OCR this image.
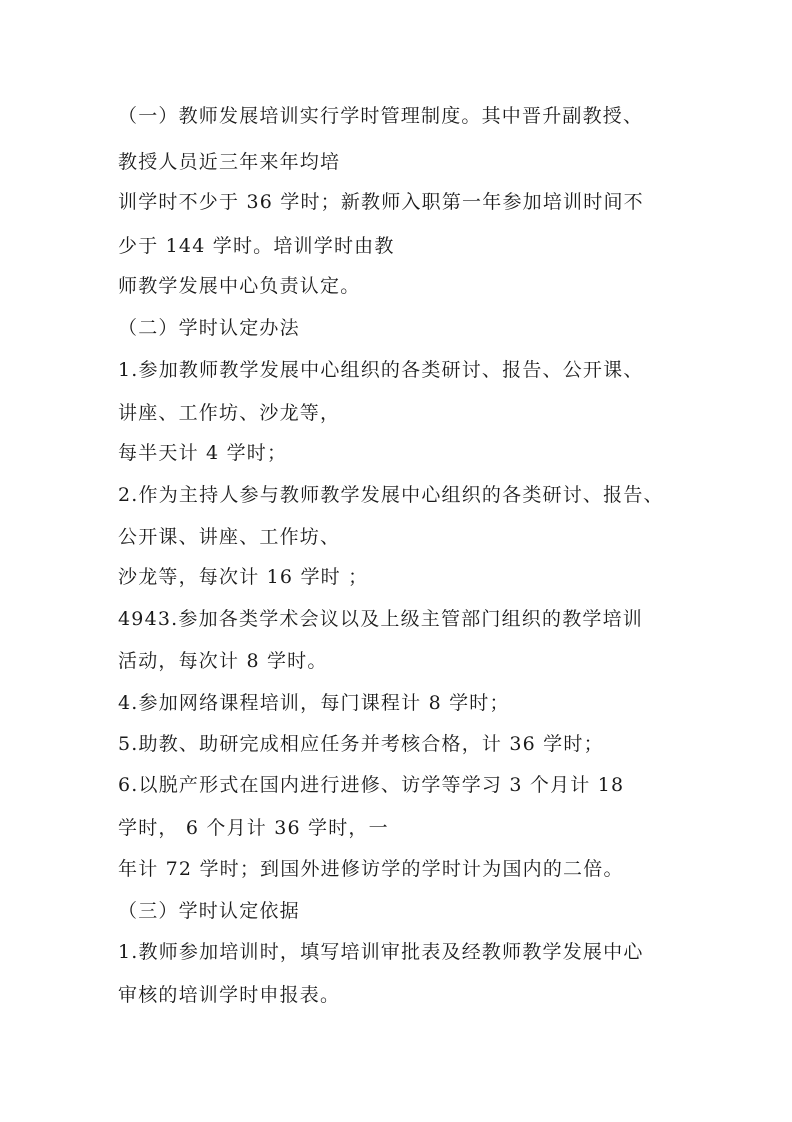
（一）教师发展培训实行学时管理制度。其中晋升副教授、
教授人员近三年来年均培
训学时不少于 36 学时；新教师入职第一年参加培训时间不
少于 144 学时。培训学时由教
师教学发展中心负责认定。
（二）学时认定办法
1.参加教师教学发展中心组织的各类研讨、报告、公开课、
讲座、工作坊、沙龙等，
每半天计 4 学时；
2.作为主持人参与教师教学发展中心组织的各类研讨、报告、
公开课、讲座、工作坊、
沙龙等，每次计 16 学时 ；
4943.参加各类学术会议以及上级主管部门组织的教学培训
活动，每次计 8 学时。
4.参加网络课程培训，每门课程计 8 学时；
5.助教、助研完成相应任务并考核合格，计 36 学时；
6.以脱产形式在国内进行进修、访学等学习 3 个月计 18
学时， 6 个月计 36 学时，一
年计 72 学时；到国外进修访学的学时计为国内的二倍。
（三）学时认定依据
1.教师参加培训时，填写培训审批表及经教师教学发展中心
审核的培训学时申报表。
